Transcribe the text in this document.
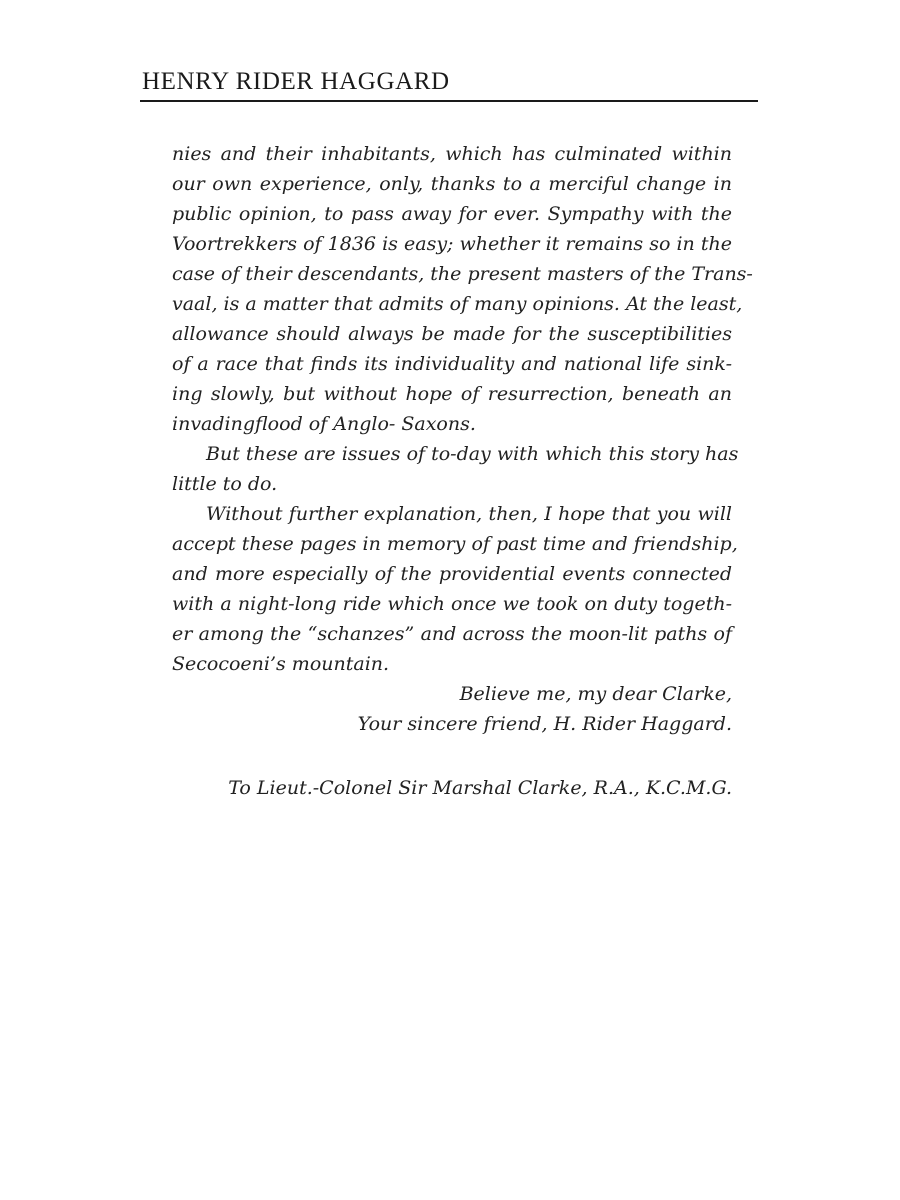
HENRY RIDER HAGGARD
nies and their inhabitants, which has culminated within
our own experience, only, thanks to a merciful change in
public opinion, to pass away for ever. Sympathy with the
Voortrekkers of 1836 is easy; whether it remains so in the
case of their descendants, the present masters of the Trans-
vaal, is a matter that admits of many opinions. At the least,
allowance should always be made for the susceptibilities
of a race that finds its individuality and national life sink-
ing slowly, but without hope of resurrection, beneath an
invadingflood of Anglo- Saxons.
But these are issues of to-day with which this story has
little to do.
Without further explanation, then, I hope that you will
accept these pages in memory of past time and friendship,
and more especially of the providential events connected
with a night-long ride which once we took on duty togeth-
er among the “schanzes” and across the moon-lit paths of
Secocoeni’s mountain.
Believe me, my dear Clarke,
Your sincere friend, H. Rider Haggard.
To Lieut.-Colonel Sir Marshal Clarke, R.A., K.C.M.G.
